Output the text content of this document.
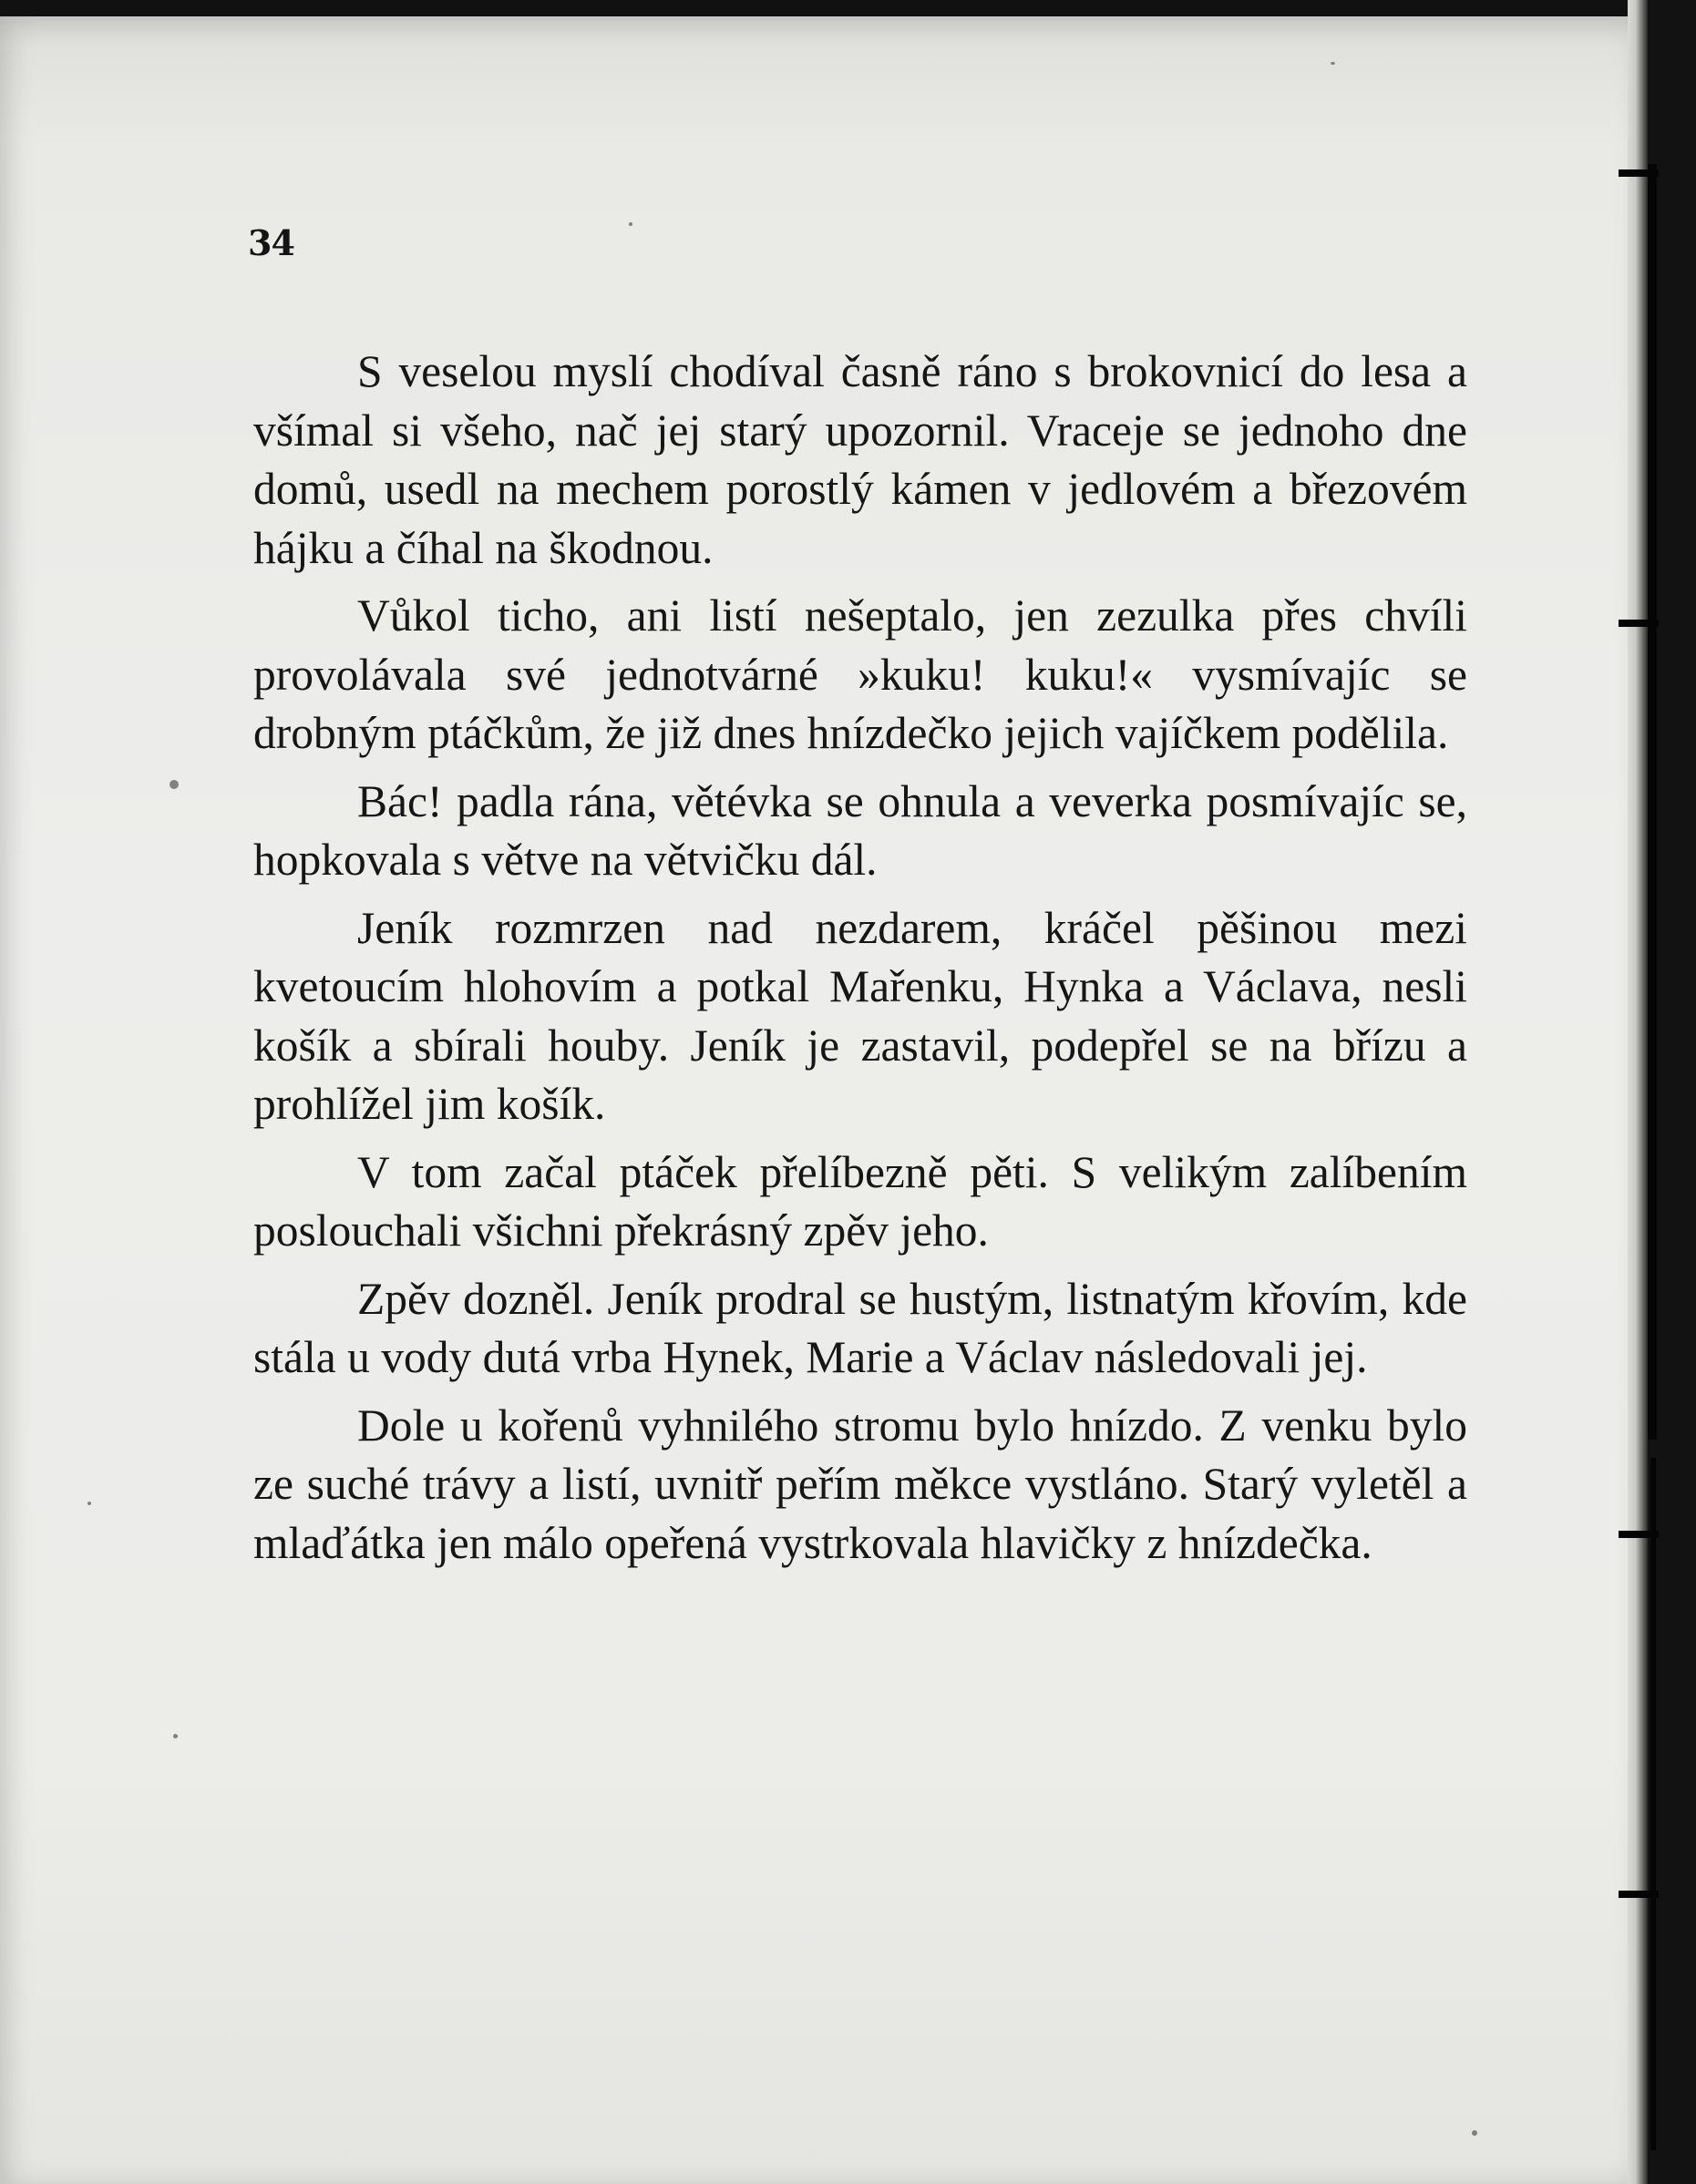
34

S veselou myslí chodíval časně ráno s brokovnicí do lesa a všímal si všeho, nač jej starý upozornil. Vraceje se jednoho dne domů, usedl na mechem porostlý kámen v jedlovém a březovém hájku a číhal na škodnou.

Vůkol ticho, ani listí nešeptalo, jen zezulka přes chvíli provolávala své jednotvárné »kuku! kuku!« vysmívajíc se drobným ptáčkům, že již dnes hnízdečko jejich vajíčkem podělila.

Bác! padla rána, větévka se ohnula a veverka posmívajíc se, hopkovala s větve na větvičku dál.

Jeník rozmrzen nad nezdarem, kráčel pěšinou mezi kvetoucím hlohovím a potkal Mařenku, Hynka a Václava, nesli košík a sbírali houby. Jeník je zastavil, podepřel se na břízu a prohlížel jim košík.

V tom začal ptáček přelíbezně pěti. S velikým zalíbením poslouchali všichni překrásný zpěv jeho.

Zpěv dozněl. Jeník prodral se hustým, listnatým křovím, kde stála u vody dutá vrba Hynek, Marie a Václav následovali jej.

Dole u kořenů vyhnilého stromu bylo hnízdo. Z venku bylo ze suché trávy a listí, uvnitř peřím měkce vystláno. Starý vyletěl a mlaďátka jen málo opeřená vystrkovala hlavičky z hnízdečka.
